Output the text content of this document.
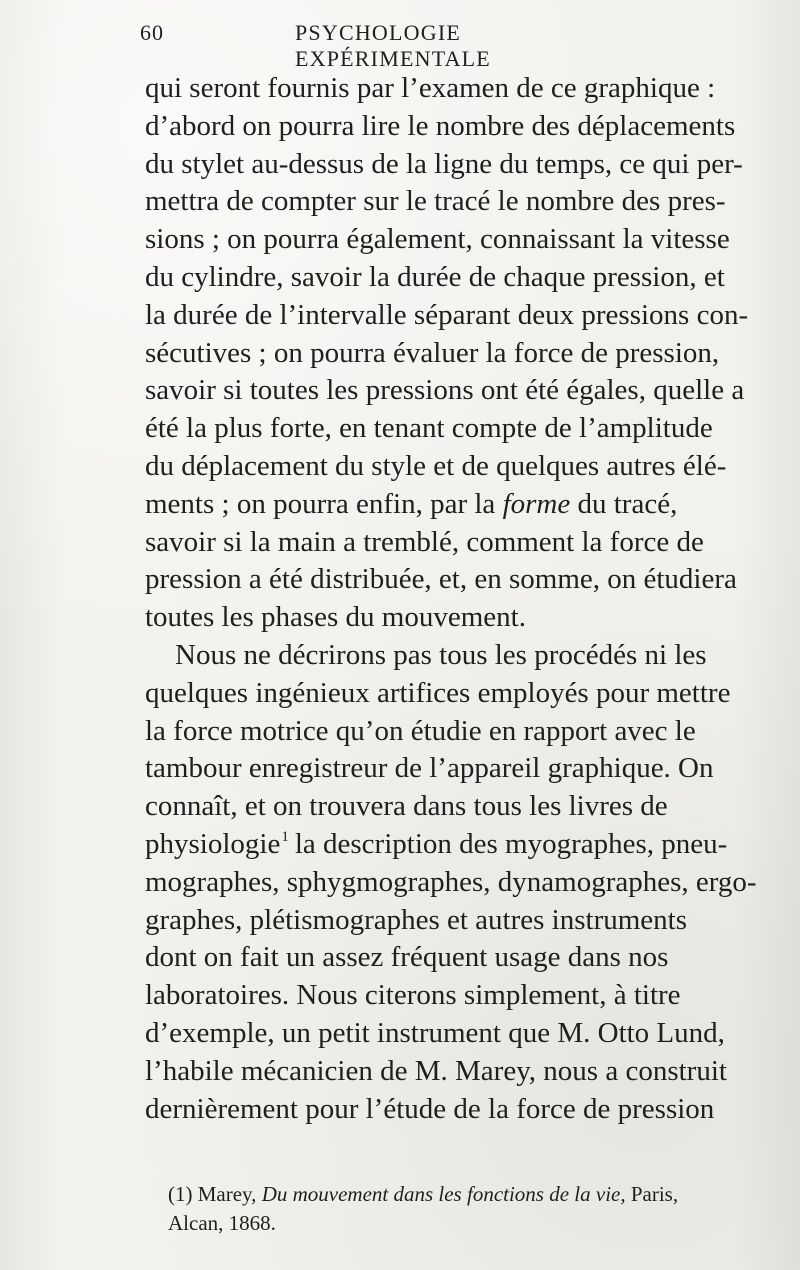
60	PSYCHOLOGIE EXPÉRIMENTALE
qui seront fournis par l’examen de ce graphique :
d’abord on pourra lire le nombre des déplacements
du stylet au-dessus de la ligne du temps, ce qui per-
mettra de compter sur le tracé le nombre des pres-
sions ; on pourra également, connaissant la vitesse
du cylindre, savoir la durée de chaque pression, et
la durée de l’intervalle séparant deux pressions con-
sécutives ; on pourra évaluer la force de pression,
savoir si toutes les pressions ont été égales, quelle a
été la plus forte, en tenant compte de l’amplitude
du déplacement du style et de quelques autres élé-
ments ; on pourra enfin, par la
forme
du tracé,
savoir si la main a tremblé, comment la force de
pression a été distribuée, et, en somme, on étudiera
toutes les phases du mouvement.
Nous ne décrirons pas tous les procédés ni les
quelques ingénieux artifices employés pour mettre
la force motrice qu’on étudie en rapport avec le
tambour enregistreur de l’appareil graphique. On
connaît, et on trouvera dans tous les livres de
physiologie 1 la description des myographes, pneu-
mographes, sphygmographes, dynamographes, ergo-
graphes, plétismographes et autres instruments
dont on fait un assez fréquent usage dans nos
laboratoires. Nous citerons simplement, à titre
d’exemple, un petit instrument que M. Otto Lund,
l’habile mécanicien de M. Marey, nous a construit
dernièrement pour l’étude de la force de pression
(1) Marey, Du mouvement dans les fonctions de la vie, Paris,
Alcan, 1868.
